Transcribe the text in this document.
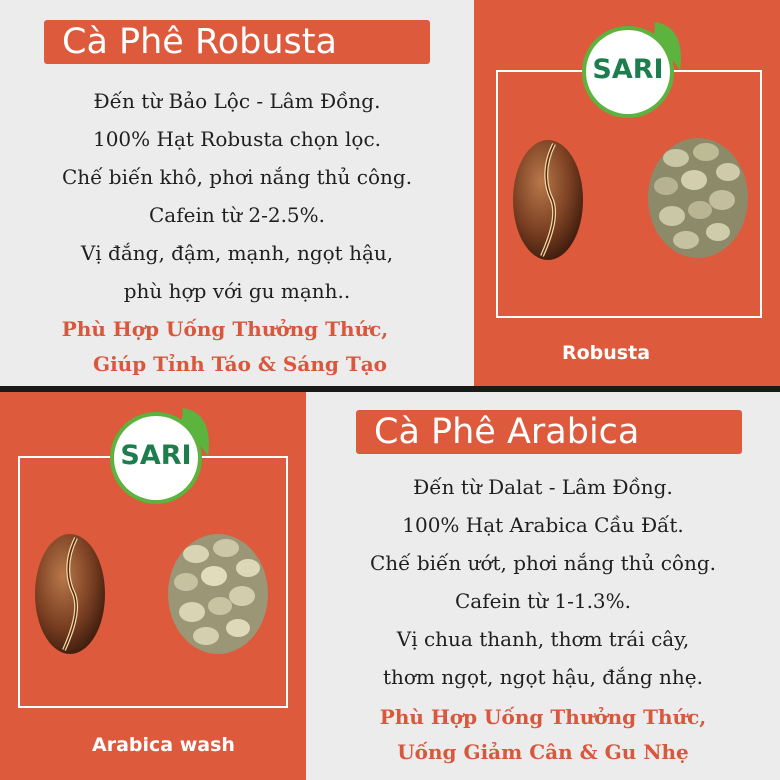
Cà Phê Robusta
Đến từ Bảo Lộc - Lâm Đồng.
100% Hạt Robusta chọn lọc.
Chế biến khô, phơi nắng thủ công.
Cafein từ 2-2.5%.
Vị đắng, đậm, mạnh, ngọt hậu,
phù hợp với gu mạnh..
Phù Hợp Uống Thưởng Thức,
Giúp Tỉnh Táo & Sáng Tạo
SARI
Robusta
SARI
Arabica wash
Cà Phê Arabica
Đến từ Dalat - Lâm Đồng.
100% Hạt Arabica Cầu Đất.
Chế biến ướt, phơi nắng thủ công.
Cafein từ 1-1.3%.
Vị chua thanh, thơm trái cây,
thơm ngọt, ngọt hậu, đắng nhẹ.
Phù Hợp Uống Thưởng Thức,
Uống Giảm Cân & Gu Nhẹ
